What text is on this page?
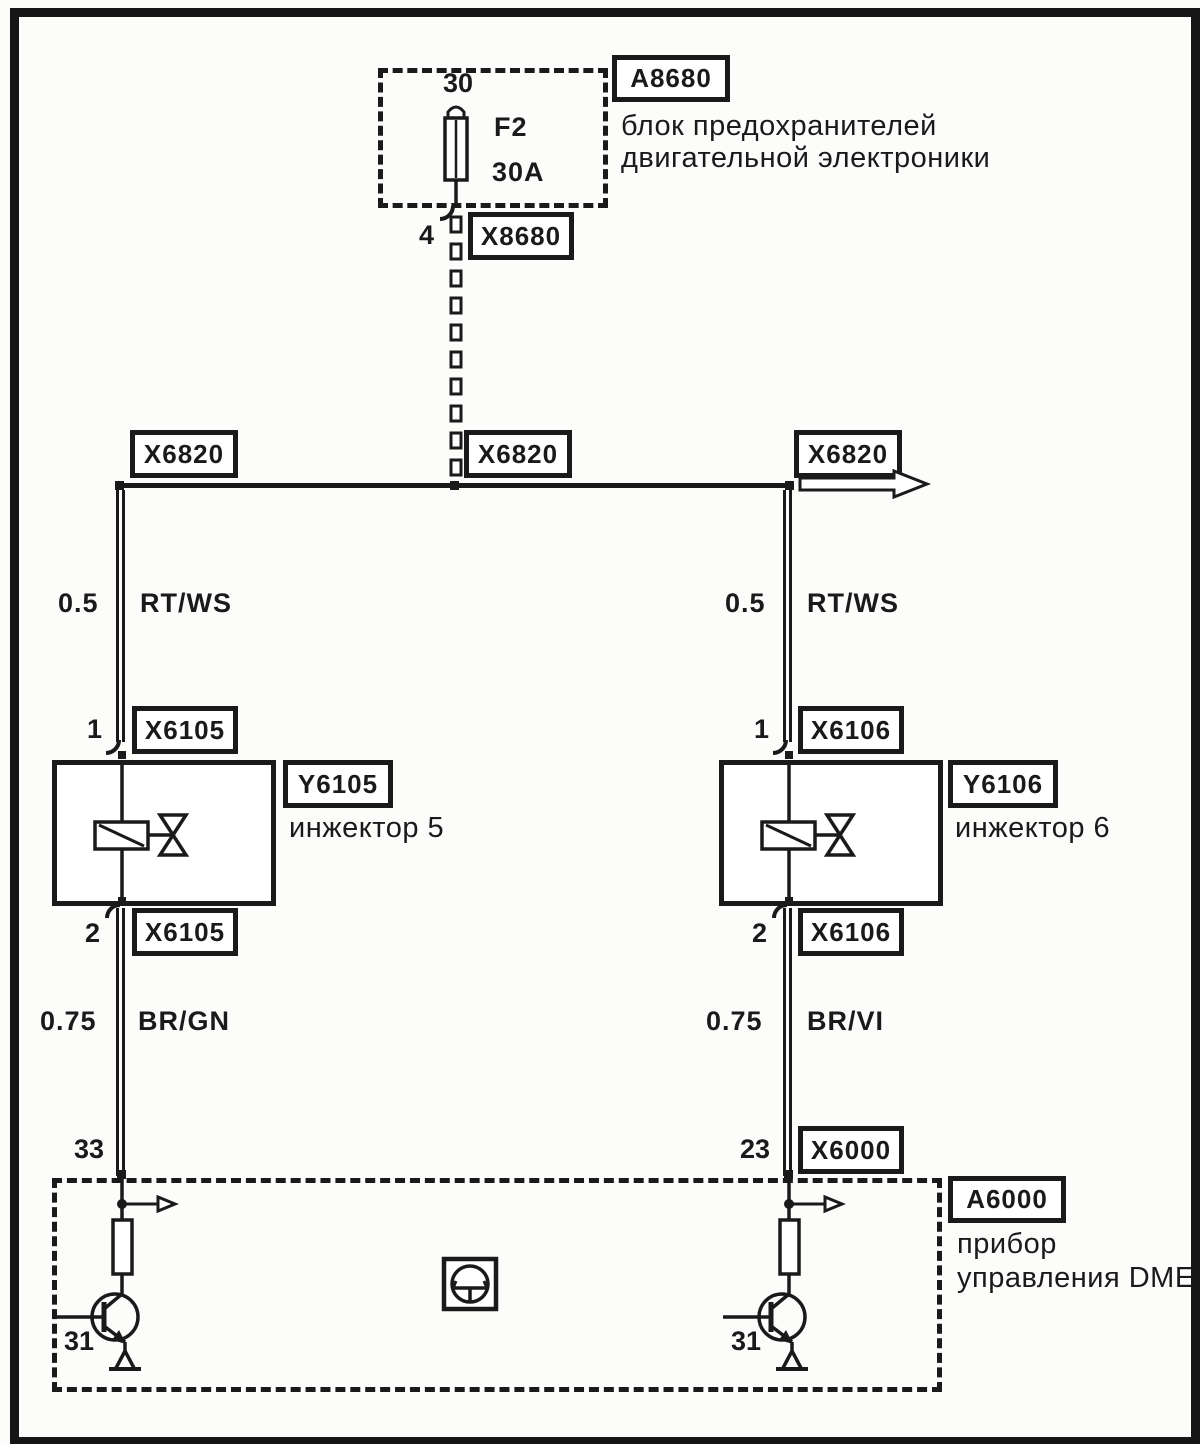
30
F2
30A
A8680
блок предохранителей
двигательной электроники
4	X8680
X6820	X6820	X6820
0.5 RT/WS
1	X6105
Y6105
инжектор 5
2	X6105
0.75 BR/GN
33
0.5 RT/WS
1	X6106
Y6106
инжектор 6
2	X6106
0.75 BR/VI
23	X6000
A6000
прибор
управления DME
31	31
